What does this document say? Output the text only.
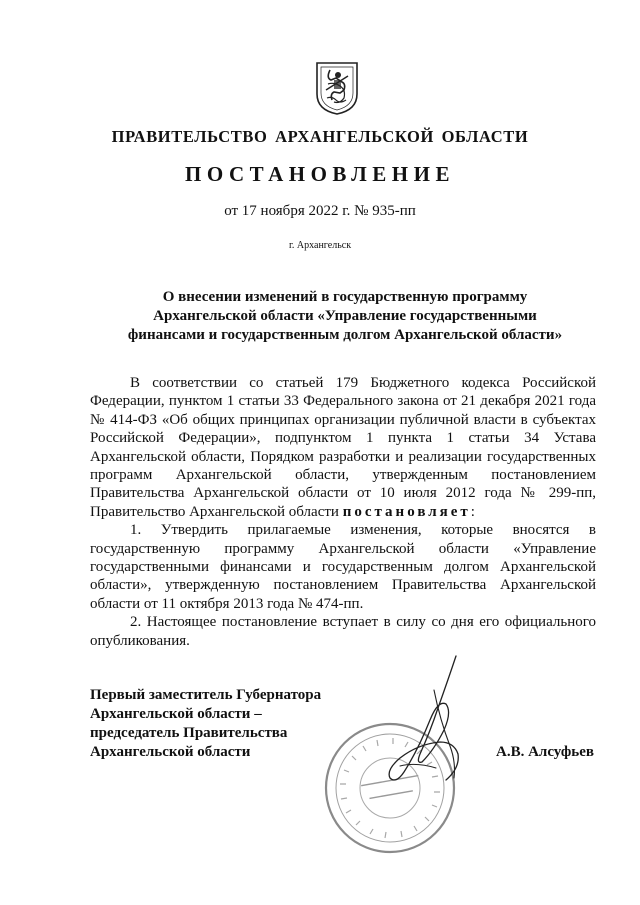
ПРАВИТЕЛЬСТВО АРХАНГЕЛЬСКОЙ ОБЛАСТИ
ПОСТАНОВЛЕНИЕ
от 17 ноября 2022 г. № 935-пп
г. Архангельск
О внесении изменений в государственную программу
Архангельской области «Управление государственными
финансами и государственным долгом Архангельской области»

В соответствии со статьей 179 Бюджетного кодекса Российской Федерации, пунктом 1 статьи 33 Федерального закона от 21 декабря 2021 года № 414-ФЗ «Об общих принципах организации публичной власти в субъектах Российской Федерации», подпунктом 1 пункта 1 статьи 34 Устава Архангельской области, Порядком разработки и реализации государственных программ Архангельской области, утвержденным постановлением Правительства Архангельской области от 10 июля 2012 года № 299-пп, Правительство Архангельской области постановляет:

1. Утвердить прилагаемые изменения, которые вносятся в государственную программу Архангельской области «Управление государственными финансами и государственным долгом Архангельской области», утвержденную постановлением Правительства Архангельской области от 11 октября 2013 года № 474-пп.

2. Настоящее постановление вступает в силу со дня его официального опубликования.

Первый заместитель Губернатора
Архангельской области –
председатель Правительства
Архангельской области	А.В. Алсуфьев
